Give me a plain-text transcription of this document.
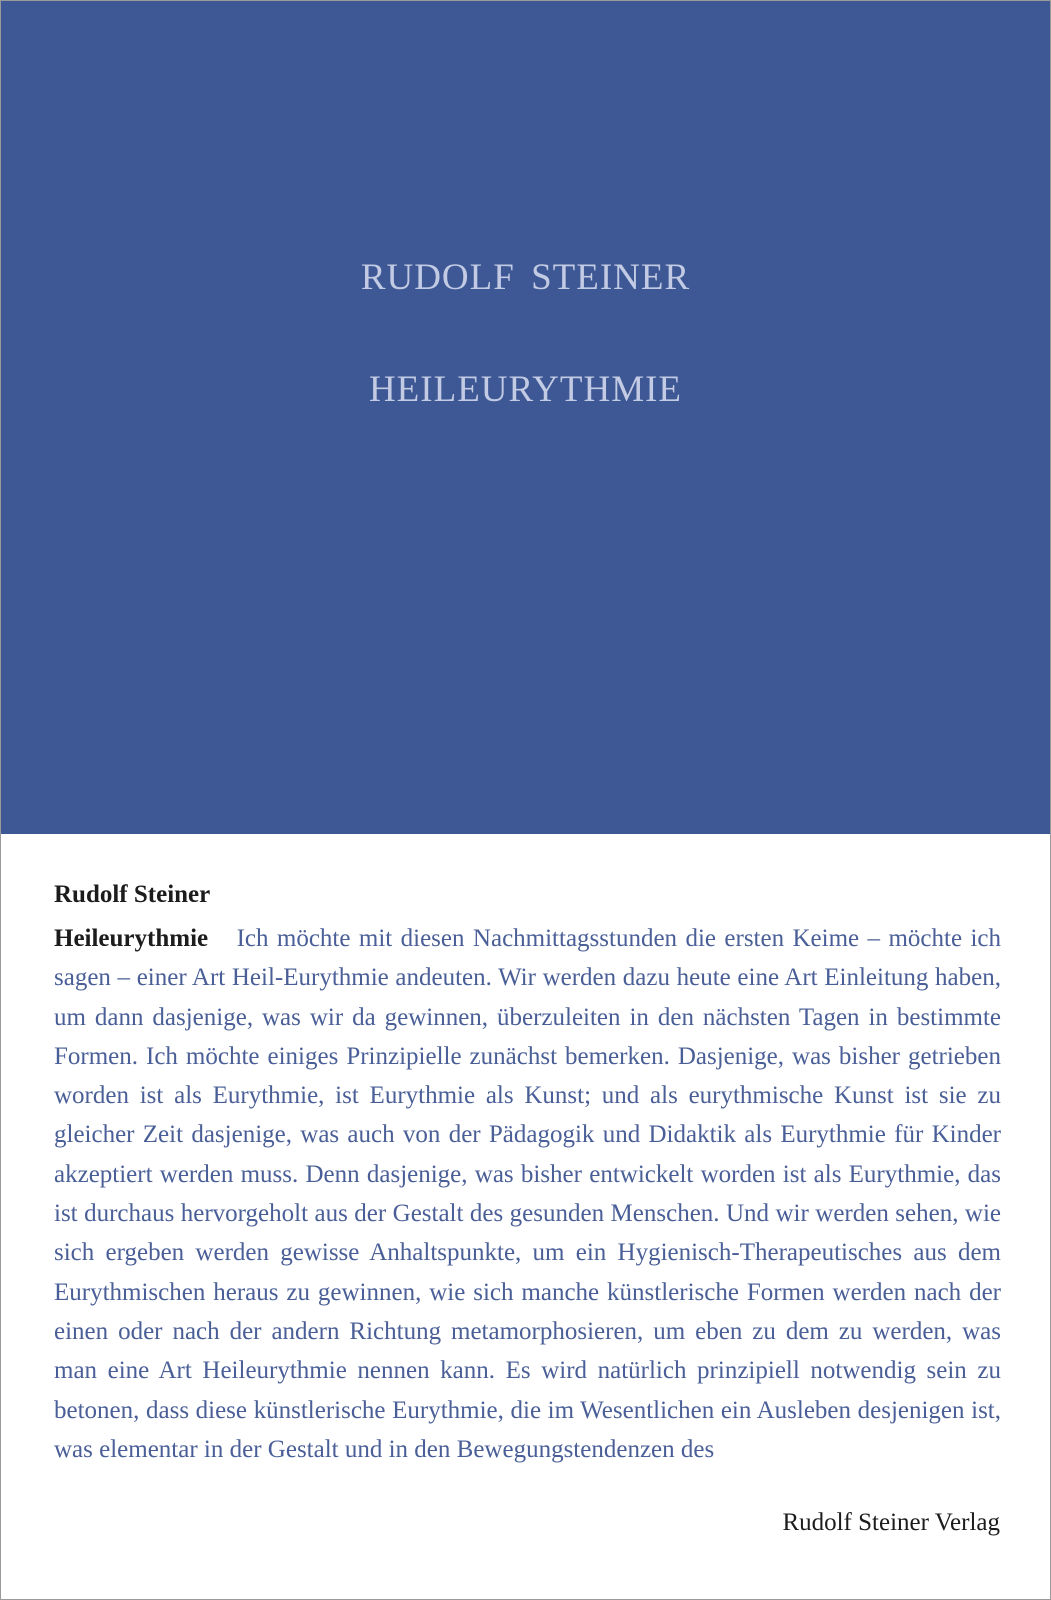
RUDOLF STEINER
HEILEURYTHMIE
Rudolf Steiner
Heileurythmie Ich möchte mit diesen Nachmittagsstunden die ersten Keime – möchte ich sagen – einer Art Heil-Eurythmie andeuten. Wir werden dazu heute eine Art Einleitung haben, um dann dasjenige, was wir da gewinnen, überzuleiten in den nächsten Tagen in bestimmte Formen. Ich möchte einiges Prinzipielle zunächst bemerken. Dasjenige, was bisher getrieben worden ist als Eurythmie, ist Eurythmie als Kunst; und als eurythmische Kunst ist sie zu gleicher Zeit dasjenige, was auch von der Pädagogik und Didaktik als Eurythmie für Kinder akzeptiert werden muss. Denn dasjenige, was bisher entwickelt worden ist als Eurythmie, das ist durchaus hervorgeholt aus der Gestalt des gesunden Menschen. Und wir werden sehen, wie sich ergeben werden gewisse Anhaltspunkte, um ein Hygienisch-Therapeutisches aus dem Eurythmischen heraus zu gewinnen, wie sich manche künstlerische Formen werden nach der einen oder nach der andern Richtung metamorphosieren, um eben zu dem zu werden, was man eine Art Heileurythmie nennen kann. Es wird natürlich prinzipiell notwendig sein zu betonen, dass diese künstlerische Eurythmie, die im Wesentlichen ein Ausleben desjenigen ist, was elementar in der Gestalt und in den Bewegungstendenzen des
Rudolf Steiner Verlag
